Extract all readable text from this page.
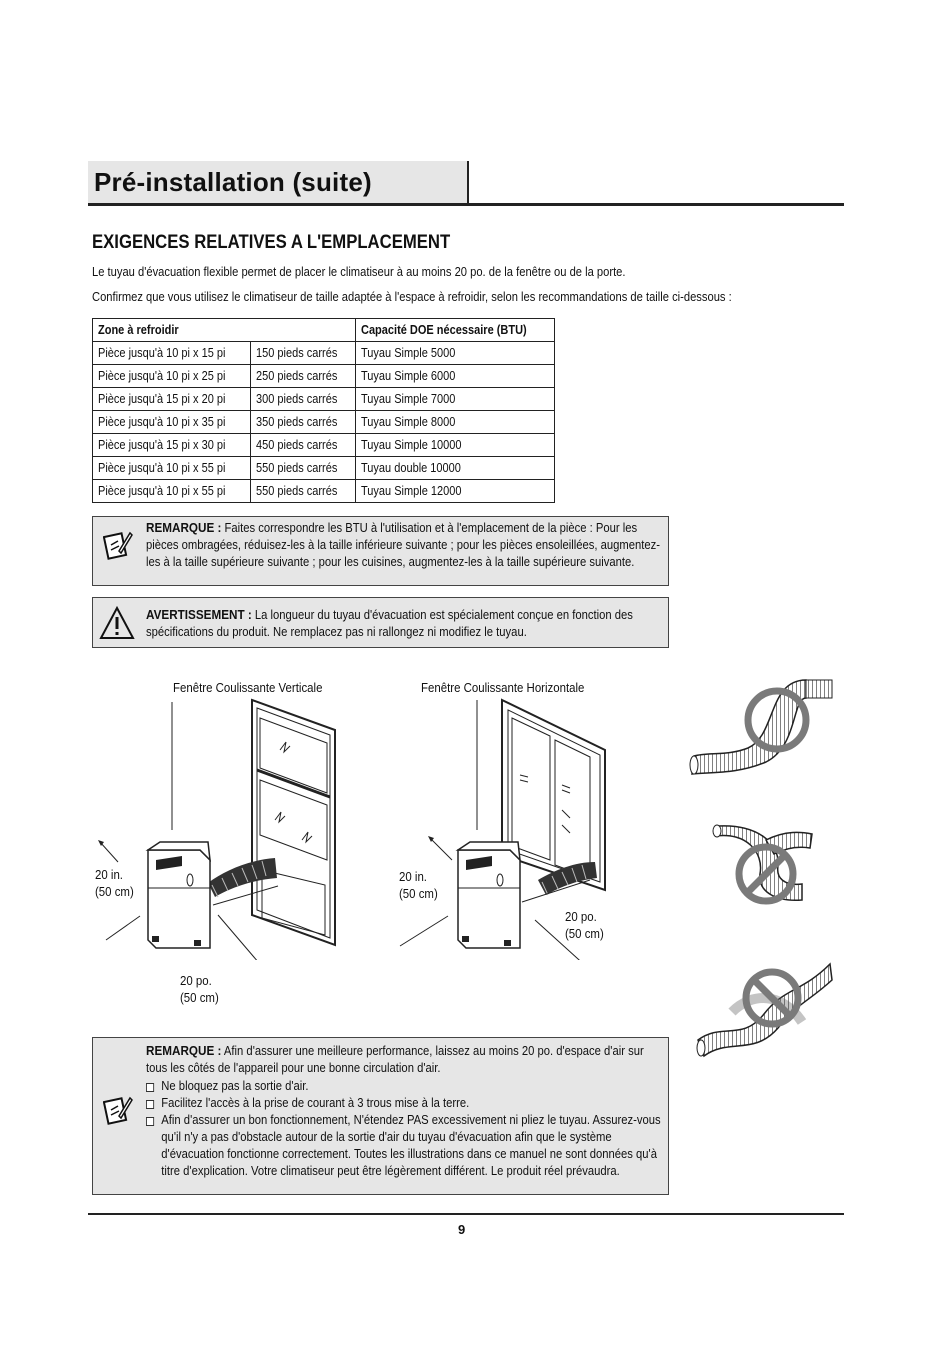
Pré-installation (suite)
EXIGENCES RELATIVES A L'EMPLACEMENT
Le tuyau d'évacuation flexible permet de placer le climatiseur à au moins 20 po. de la fenêtre ou de la porte.
Confirmez que vous utilisez le climatiseur de taille adaptée à l'espace à refroidir, selon les recommandations de taille ci-dessous :
Zone à refroidir		Capacité DOE nécessaire (BTU)
Pièce jusqu'à 10 pi x 15 pi	150 pieds carrés	Tuyau Simple 5000
Pièce jusqu'à 10 pi x 25 pi	250 pieds carrés	Tuyau Simple 6000
Pièce jusqu'à 15 pi x 20 pi	300 pieds carrés	Tuyau Simple 7000
Pièce jusqu'à 10 pi x 35 pi	350 pieds carrés	Tuyau Simple 8000
Pièce jusqu'à 15 pi x 30 pi	450 pieds carrés	Tuyau Simple 10000
Pièce jusqu'à 10 pi x 55 pi	550 pieds carrés	Tuyau double 10000
Pièce jusqu'à 10 pi x 55 pi	550 pieds carrés	Tuyau Simple 12000
REMARQUE : Faites correspondre les BTU à l'utilisation et à l'emplacement de la pièce : Pour les pièces ombragées, réduisez-les à la taille inférieure suivante ; pour les pièces ensoleillées, augmentez-les à la taille supérieure suivante ; pour les cuisines, augmentez-les à la taille supérieure suivante.
AVERTISSEMENT : La longueur du tuyau d'évacuation est spécialement conçue en fonction des spécifications du produit. Ne remplacez pas ni rallongez ni modifiez le tuyau.
Fenêtre Coulissante Verticale	Fenêtre Coulissante Horizontale
20 in.
(50 cm)
20 po.
(50 cm)
20 in.
(50 cm)
20 po.
(50 cm)
REMARQUE : Afin d'assurer une meilleure performance, laissez au moins 20 po. d'espace d'air sur tous les côtés de l'appareil pour une bonne circulation d'air.
Ne bloquez pas la sortie d'air.
Facilitez l'accès à la prise de courant à 3 trous mise à la terre.
Afin d'assurer un bon fonctionnement, N'étendez PAS excessivement ni pliez le tuyau. Assurez-vous qu'il n'y a pas d'obstacle autour de la sortie d'air du tuyau d'évacuation afin que le système d'évacuation fonctionne correctement. Toutes les illustrations dans ce manuel ne sont données qu'à titre d'explication. Votre climatiseur peut être légèrement différent. Le produit réel prévaudra.
9
